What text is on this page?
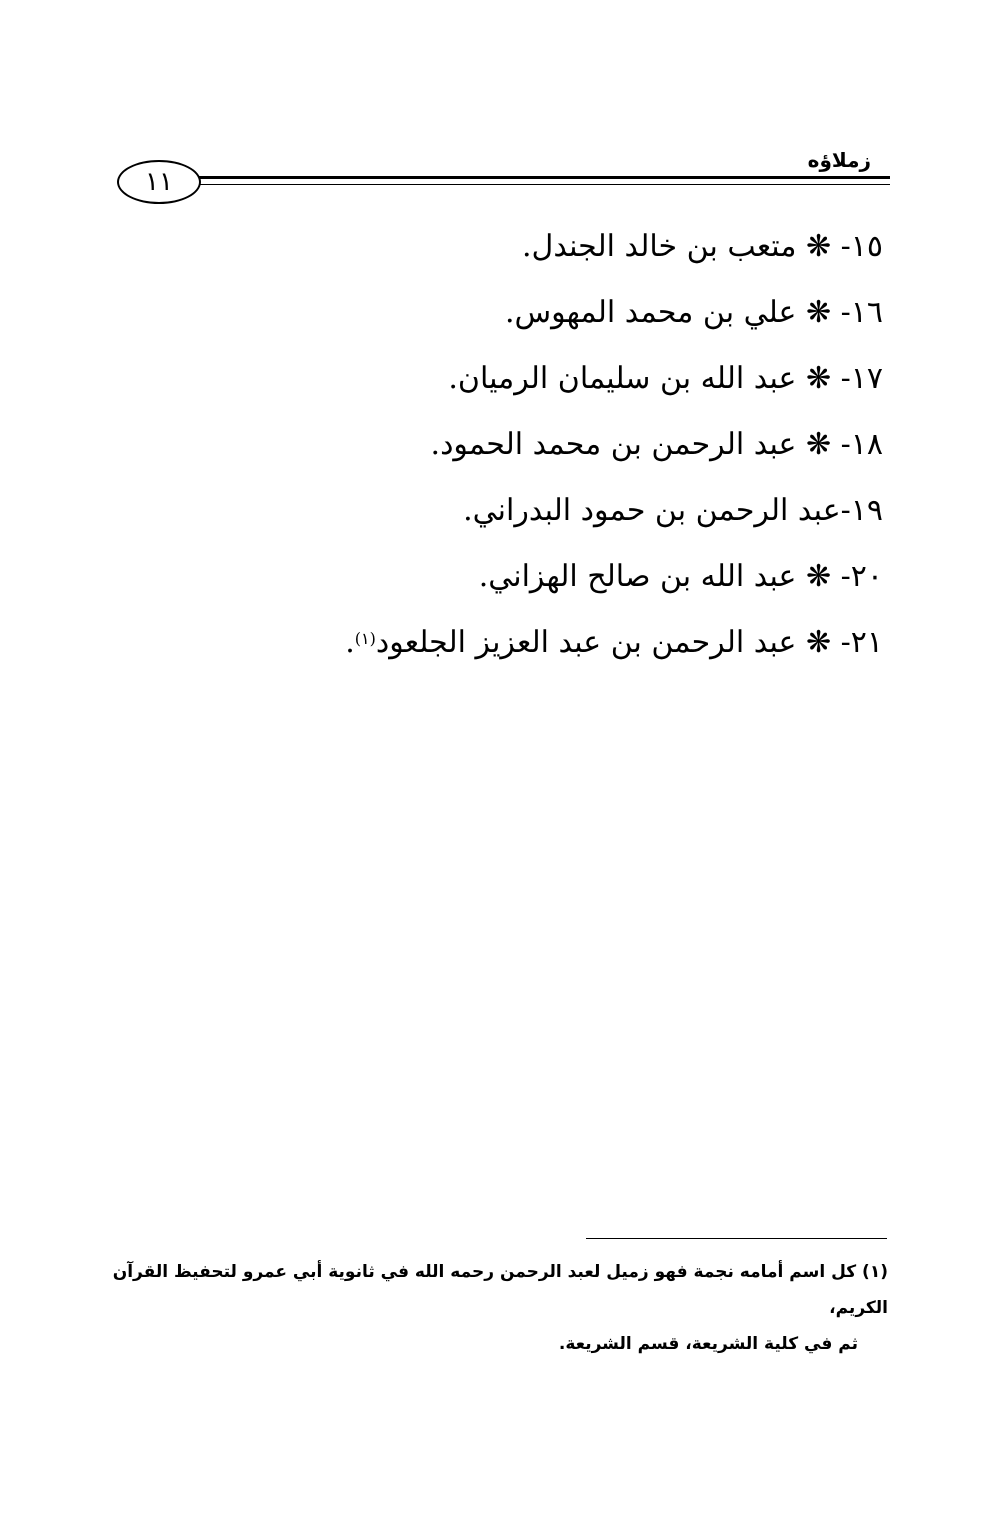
زملاؤه
١١
١٥- ❋ متعب بن خالد الجندل.
١٦- ❋ علي بن محمد المهوس.
١٧- ❋ عبد الله بن سليمان الرميان.
١٨- ❋ عبد الرحمن بن محمد الحمود.
١٩-عبد الرحمن بن حمود البدراني.
٢٠- ❋ عبد الله بن صالح الهزاني.
٢١- ❋ عبد الرحمن بن عبد العزيز الجلعود$^{(١)}$.
(١) كل اسم أمامه نجمة فهو زميل لعبد الرحمن رحمه الله في ثانوية أبي عمرو لتحفيظ القرآن الكريم،
ثم في كلية الشريعة، قسم الشريعة.
